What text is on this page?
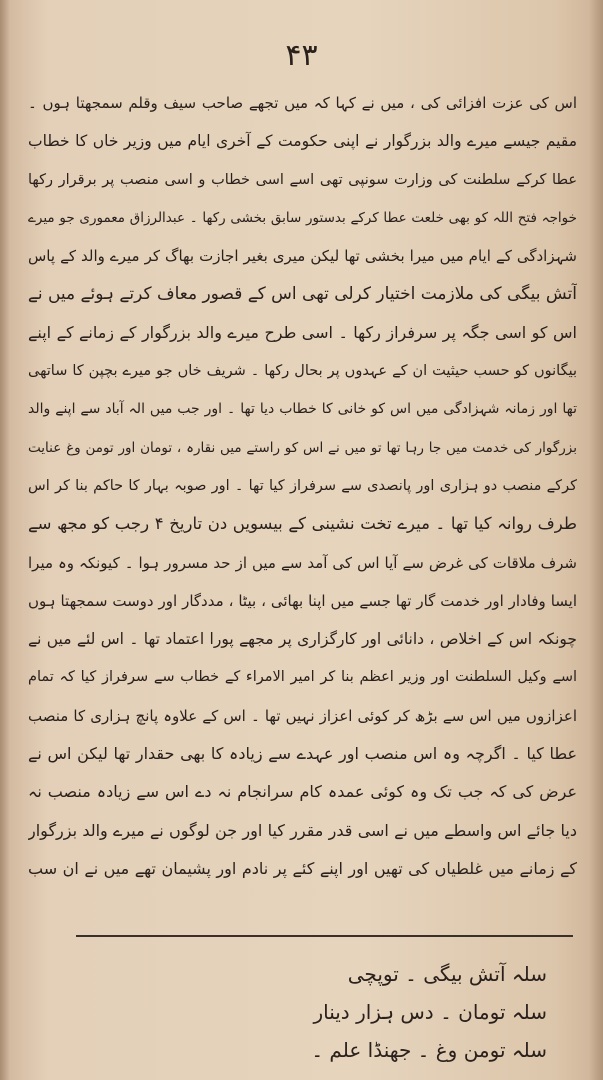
۴۳
اس کی عزت افزائی کی ، میں نے کہا کہ میں تجھے صاحب سیف وقلم سمجھتا ہوں ۔
مقیم جیسے میرے والد بزرگوار نے اپنی حکومت کے آخری ایام میں وزیر خاں کا خطاب
عطا کرکے سلطنت کی وزارت سونپی تھی اسے اسی خطاب و اسی منصب پر برقرار رکھا
خواجہ فتح اللہ کو بھی خلعت عطا کرکے بدستور سابق بخشی رکھا ۔ عبدالرزاق معموری جو میرے
شہزادگی کے ایام میں میرا بخشی تھا لیکن میری بغیر اجازت بھاگ کر میرے والد کے پاس
آتش بیگی کی ملازمت اختیار کرلی تھی اس کے قصور معاف کرتے ہوئے میں نے
اس کو اسی جگہ پر سرفراز رکھا ۔ اسی طرح میرے والد بزرگوار کے زمانے کے اپنے
بیگانوں کو حسب حیثیت ان کے عہدوں پر بحال رکھا ۔ شریف خاں جو میرے بچپن کا ساتھی
تھا اور زمانہ شہزادگی میں اس کو خانی کا خطاب دیا تھا ۔ اور جب میں الہ آباد سے اپنے والد
بزرگوار کی خدمت میں جا رہا تھا تو میں نے اس کو راستے میں نقارہ ، تومان اور تومن وغ عنایت
کرکے منصب دو ہزاری اور پانصدی سے سرفراز کیا تھا ۔ اور صوبہ بہار کا حاکم بنا کر اس
طرف روانہ کیا تھا ۔ میرے تخت نشینی کے بیسویں دن تاریخ ۴ رجب کو مجھ سے
شرف ملاقات کی غرض سے آیا اس کی آمد سے میں از حد مسرور ہوا ۔ کیونکہ وہ میرا
ایسا وفادار اور خدمت گار تھا جسے میں اپنا بھائی ، بیٹا ، مددگار اور دوست سمجھتا ہوں
چونکہ اس کے اخلاص ، دانائی اور کارگزاری پر مجھے پورا اعتماد تھا ۔ اس لئے میں نے
اسے وکیل السلطنت اور وزیر اعظم بنا کر امیر الامراء کے خطاب سے سرفراز کیا کہ تمام
اعزازوں میں اس سے بڑھ کر کوئی اعزاز نہیں تھا ۔ اس کے علاوہ پانچ ہزاری کا منصب
عطا کیا ۔ اگرچہ وہ اس منصب اور عہدے سے زیادہ کا بھی حقدار تھا لیکن اس نے
عرض کی کہ جب تک وہ کوئی عمدہ کام سرانجام نہ دے اس سے زیادہ منصب نہ
دیا جائے اس واسطے میں نے اسی قدر مقرر کیا اور جن لوگوں نے میرے والد بزرگوار
کے زمانے میں غلطیاں کی تھیں اور اپنے کئے پر نادم اور پشیمان تھے میں نے ان سب
سلہ آتش بیگی ۔ توپچی
سلہ تومان ۔ دس ہزار دینار
سلہ تومن وغ ۔ جھنڈا علم ۔
